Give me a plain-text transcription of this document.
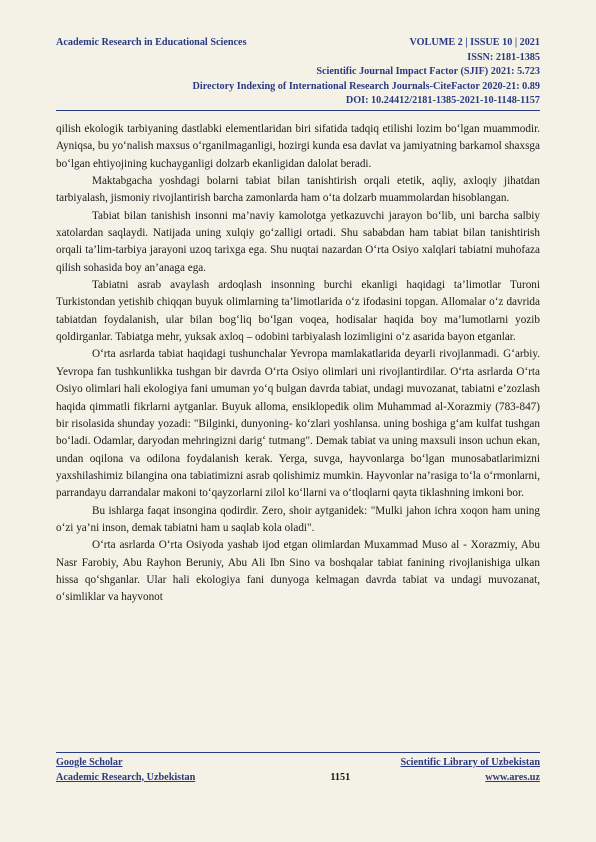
Academic Research in Educational Sciences	VOLUME 2 | ISSUE 10 | 2021
ISSN: 2181-1385
Scientific Journal Impact Factor (SJIF) 2021: 5.723
Directory Indexing of International Research Journals-CiteFactor 2020-21: 0.89
DOI: 10.24412/2181-1385-2021-10-1148-1157

qilish ekologik tarbiyaning dastlabki elementlaridan biri sifatida tadqiq etilishi lozim bo‘lgan muammodir. Ayniqsa, bu yo‘nalish maxsus o‘rganilmaganligi, hozirgi kunda esa davlat va jamiyatning barkamol shaxsga bo‘lgan ehtiyojining kuchayganligi dolzarb ekanligidan dalolat beradi.

Maktabgacha yoshdagi bolarni tabiat bilan tanishtirish orqali etetik, aqliy, axloqiy jihatdan tarbiyalash, jismoniy rivojlantirish barcha zamonlarda ham o‘ta dolzarb muammolardan hisoblangan.

Tabiat bilan tanishish insonni ma’naviy kamolotga yetkazuvchi jarayon bo‘lib, uni barcha salbiy xatolardan saqlaydi. Natijada uning xulqiy go‘zalligi ortadi. Shu sababdan ham tabiat bilan tanishtirish orqali ta’lim-tarbiya jarayoni uzoq tarixga ega. Shu nuqtai nazardan O‘rta Osiyo xalqlari tabiatni muhofaza qilish sohasida boy an’anaga ega.

Tabiatni asrab avaylash ardoqlash insonning burchi ekanligi haqidagi ta’limotlar Turoni Turkistondan yetishib chiqqan buyuk olimlarning ta’limotlarida o‘z ifodasini topgan. Allomalar o‘z davrida tabiatdan foydalanish, ular bilan bog‘liq bo‘lgan voqea, hodisalar haqida boy ma’lumotlarni yozib qoldirganlar. Tabiatga mehr, yuksak axloq – odobini tarbiyalash lozimligini o‘z asarida bayon etganlar.

O‘rta asrlarda tabiat haqidagi tushunchalar Yevropa mamlakatlarida deyarli rivojlanmadi. G‘arbiy. Yevropa fan tushkunlikka tushgan bir davrda O‘rta Osiyo olimlari uni rivojlantirdilar. O‘rta asrlarda O‘rta Osiyo olimlari hali ekologiya fani umuman yo‘q bulgan davrda tabiat, undagi muvozanat, tabiatni e’zozlash haqida qimmatli fikrlarni aytganlar. Buyuk alloma, ensiklopedik olim Muhammad al-Xorazmiy (783-847) bir risolasida shunday yozadi: "Bilginki, dunyoning- ko‘zlari yoshlansa. uning boshiga g‘am kulfat tushgan bo‘ladi. Odamlar, daryodan mehringizni darig‘ tutmang". Demak tabiat va uning maxsuli inson uchun ekan, undan oqilona va odilona foydalanish kerak. Yerga, suvga, hayvonlarga bo‘lgan munosabatlarimizni yaxshilashimiz bilangina ona tabiatimizni asrab qolishimiz mumkin. Hayvonlar na’rasiga to‘la o‘rmonlarni, parrandayu darrandalar makoni to‘qayzorlarni zilol ko‘llarni va o‘tloqlarni qayta tiklashning imkoni bor.

Bu ishlarga faqat insongina qodirdir. Zero, shoir aytganidek: "Mulki jahon ichra xoqon ham uning o‘zi ya’ni inson, demak tabiatni ham u saqlab kola oladi".

O‘rta asrlarda O‘rta Osiyoda yashab ijod etgan olimlardan Muxammad Muso al - Xorazmiy, Abu Nasr Farobiy, Abu Rayhon Beruniy, Abu Ali Ibn Sino va boshqalar tabiat fanining rivojlanishiga ulkan hissa qo‘shganlar. Ular hali ekologiya fani dunyoga kelmagan davrda tabiat va undagi muvozanat, o‘simliklar va hayvonot

Google Scholar	Scientific Library of Uzbekistan
Academic Research, Uzbekistan	1151	www.ares.uz
